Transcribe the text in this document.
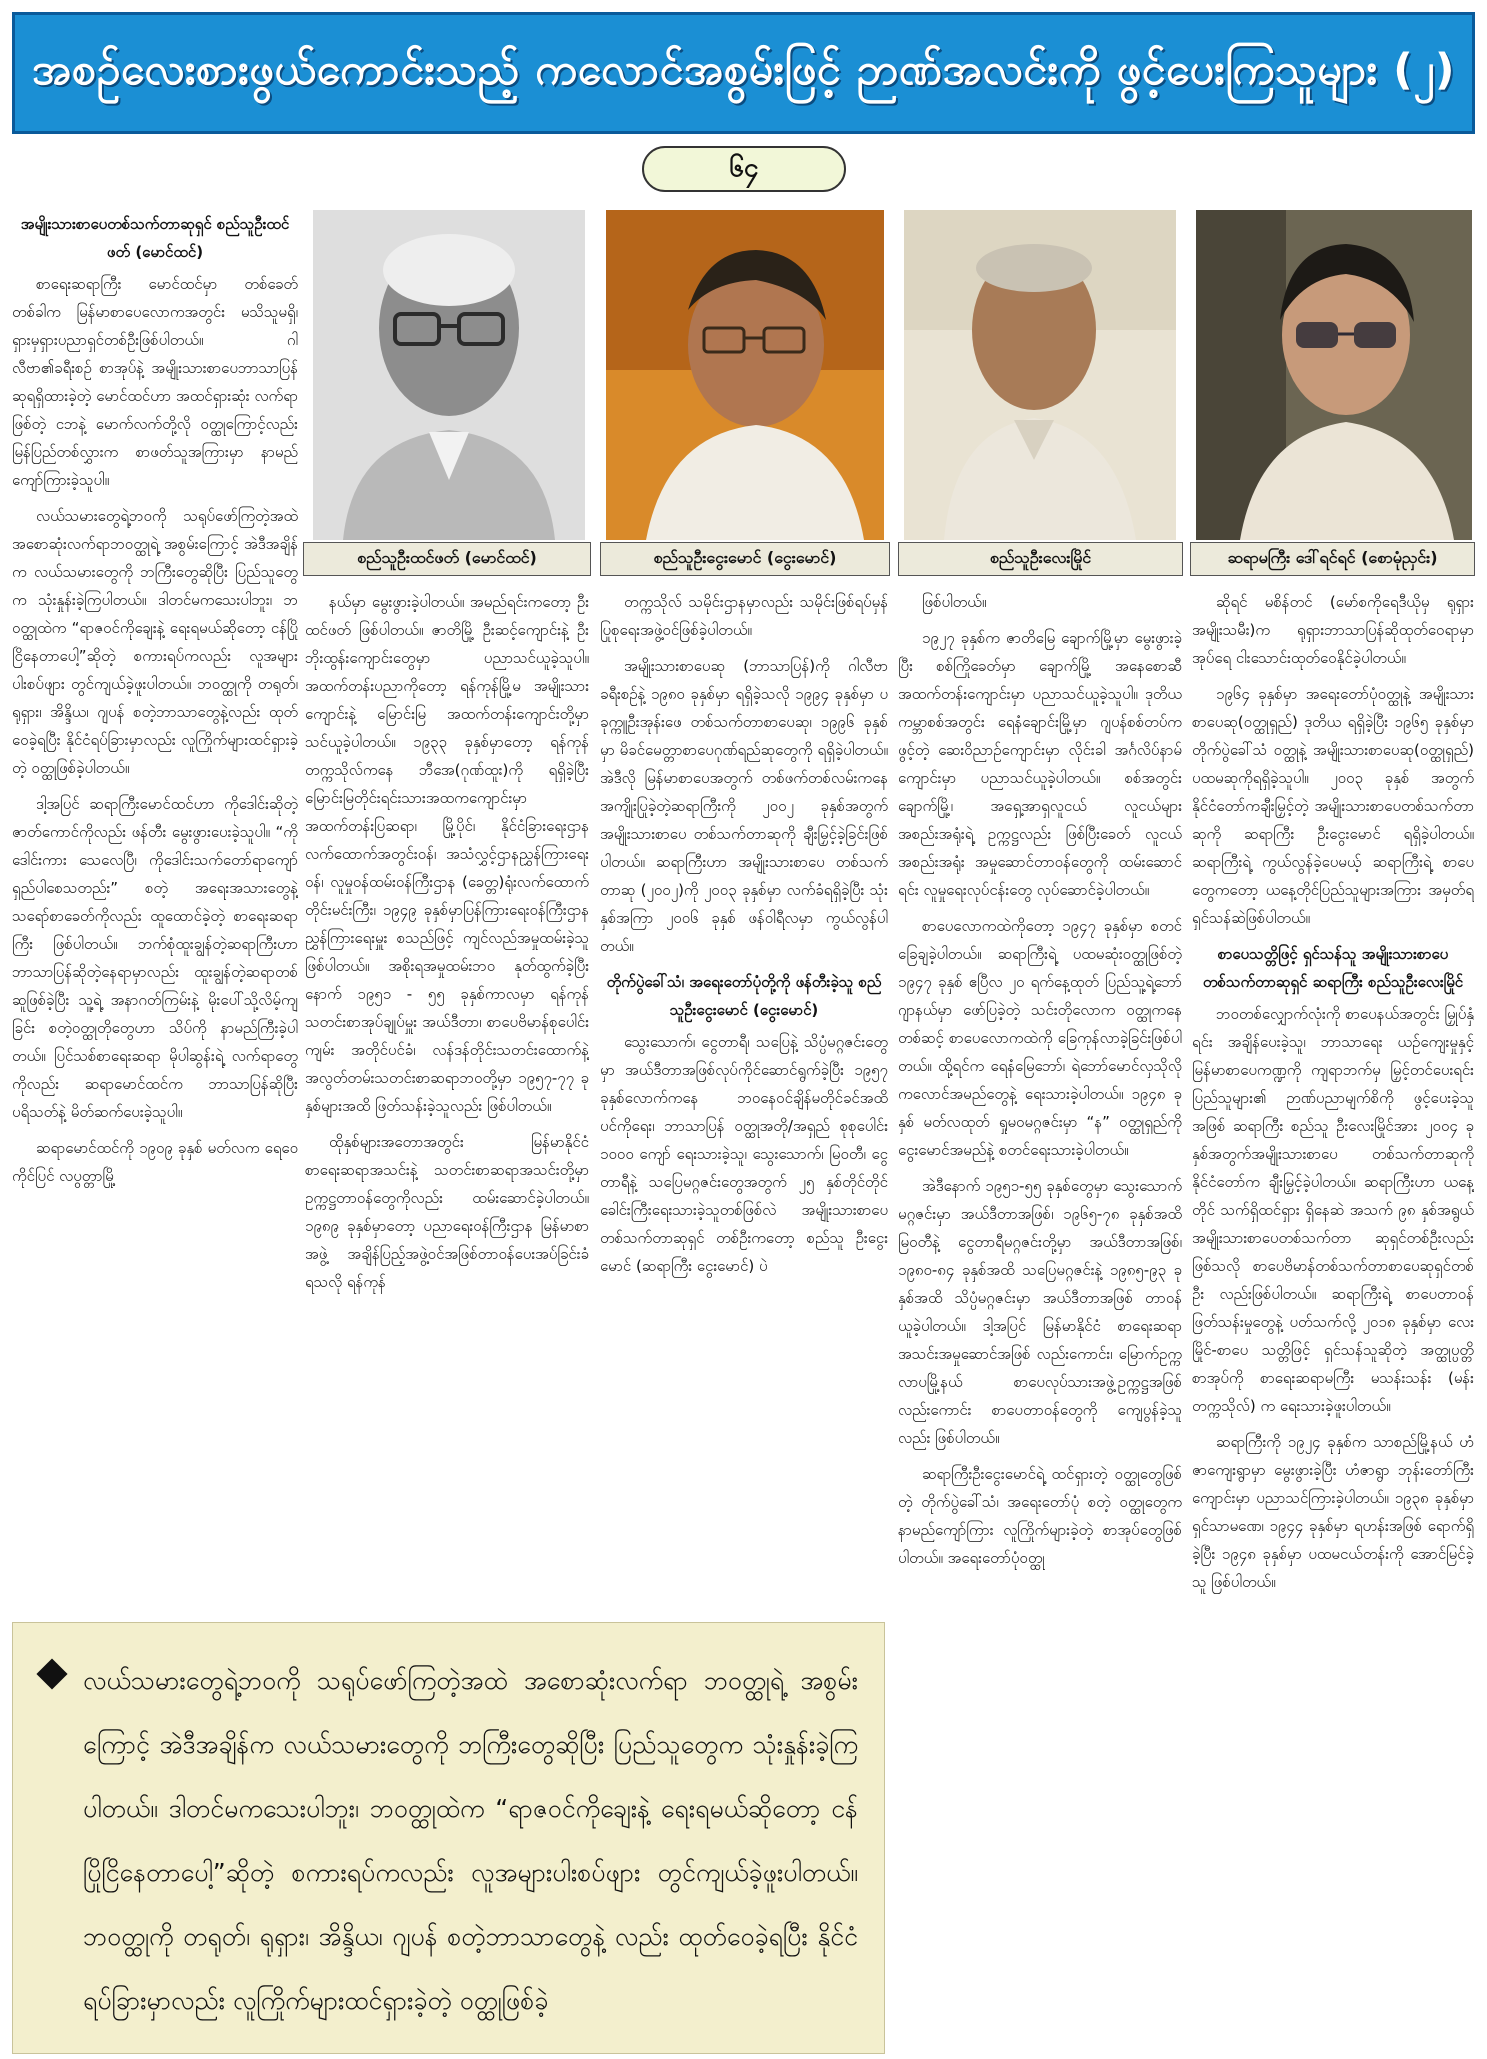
အစဉ်လေးစားဖွယ်ကောင်းသည့် ကလောင်အစွမ်းဖြင့် ဉာဏ်အလင်းကို ဖွင့်ပေးကြသူများ (၂)
၆၄
စည်သူဦးထင်ဖတ် (မောင်ထင်)	စည်သူဦးငွေးမောင် (ငွေးမောင်)	စည်သူဦးလေးမြိုင်	ဆရာမကြီး ဒေါ်ရင်ရင် (စောမုံညှင်း)

အမျိုးသားစာပေတစ်သက်တာဆုရှင် စည်သူဦးထင်ဖတ် (မောင်ထင်)

စာရေးဆရာကြီး မောင်ထင်မှာ တစ်ခေတ်တစ်ခါက မြန်မာစာပေလောကအတွင်း မသိသူမရှိ၊ ရှားမှရှားပညာရှင်တစ်ဦးဖြစ်ပါတယ်။ ဂါလီဗာ၏ခရီးစဉ် စာအုပ်နဲ့ အမျိုးသားစာပေဘာသာပြန်ဆုရရှိထားခဲ့တဲ့ မောင်ထင်ဟာ အထင်ရှားဆုံး လက်ရာဖြစ်တဲ့ ငဘနဲ့ မောက်လက်တို့လို ဝတ္ထုကြောင့်လည်း မြန်ပြည်တစ်လွှားက စာဖတ်သူအကြားမှာ နာမည်ကျော်ကြားခဲ့သူပါ။

လယ်သမားတွေရဲ့ဘဝကို သရုပ်ဖော်ကြတဲ့အထဲ အစောဆုံးလက်ရာဘဝတ္ထုရဲ့ အစွမ်းကြောင့် အဲဒီအချိန်က လယ်သမားတွေကို ဘကြီးတွေဆိုပြီး ပြည်သူတွေက သုံးနှုန်းခဲ့ကြပါတယ်။ ဒါတင်မကသေးပါဘူး၊ ဘဝတ္ထုထဲက “ရာဇဝင်ကိုချေးနဲ့ ရေးရမယ်ဆိုတော့ ငန်ပြိုငြိနေတာပေါ့”ဆိုတဲ့ စကားရပ်ကလည်း လူအများပါးစပ်ဖျား တွင်ကျယ်ခဲ့ဖူးပါတယ်။ ဘဝတ္ထုကို တရုတ်၊ ရုရှား၊ အိန္ဒိယ၊ ဂျပန် စတဲ့ဘာသာတွေနဲ့လည်း ထုတ်ဝေခဲ့ရပြီး နိုင်ငံရပ်ခြားမှာလည်း လူကြိုက်များထင်ရှားခဲ့တဲ့ ဝတ္ထုဖြစ်ခဲ့ပါတယ်။

ဒါ့အပြင် ဆရာကြီးမောင်ထင်ဟာ ကိုဒေါင်းဆိုတဲ့ ဇာတ်ကောင်ကိုလည်း ဖန်တီး မွေးဖွားပေးခဲ့သူပါ။ “ကိုဒေါင်းကား သေလေပြီ၊ ကိုဒေါင်းသက်တော်ရာကျော်ရှည်ပါစေသတည်း” စတဲ့ အရေးအသားတွေနဲ့ သရော်စာခေတ်ကိုလည်း ထူထောင်ခဲ့တဲ့ စာရေးဆရာကြီး ဖြစ်ပါတယ်။ ဘက်စုံထူးချွန်တဲ့ဆရာကြီးဟာ ဘာသာပြန်ဆိုတဲ့နေရာမှာလည်း ထူးချွန်တဲ့ဆရာတစ်ဆူဖြစ်ခဲ့ပြီး သူ့ရဲ့ အနာဂတ်ကြမ်းနဲ့ မိုးပေါ်သို့လိမ့်ကျခြင်း စတဲ့ဝတ္ထုတိုတွေဟာ သိပ်ကို နာမည်ကြီးခဲ့ပါတယ်။ ပြင်သစ်စာရေးဆရာ မိုပါဆွန်းရဲ့ လက်ရာတွေကိုလည်း ဆရာမောင်ထင်က ဘာသာပြန်ဆိုပြီး ပရိသတ်နဲ့ မိတ်ဆက်ပေးခဲ့သူပါ။

ဆရာမောင်ထင်ကို ၁၉၀၉ ခုနှစ် မတ်လက ရေဝေကိုင်ပြင် လပွတ္တာမြို့

နယ်မှာ မွေးဖွားခဲ့ပါတယ်။ အမည်ရင်းကတော့ ဦးထင်ဖတ် ဖြစ်ပါတယ်။ ဇာတိမြို့ ဦးဆင့်ကျောင်းနဲ့ ဦးဘိုးထွန်းကျောင်းတွေမှာ ပညာသင်ယူခဲ့သူပါ။ အထက်တန်းပညာကိုတော့ ရန်ကုန်မြို့မ အမျိုးသားကျောင်းနဲ့ မြောင်းမြ အထက်တန်းကျောင်းတို့မှာ သင်ယူခဲ့ပါတယ်။ ၁၉၃၃ ခုနှစ်မှာတော့ ရန်ကုန်တက္ကသိုလ်ကနေ ဘီအေ(ဂုဏ်ထူး)ကို ရရှိခဲ့ပြီး မြောင်းမြတိုင်းရင်းသားအထကကျောင်းမှာ အထက်တန်းပြဆရာ၊ မြို့ပိုင်၊ နိုင်ငံခြားရေးဌာနလက်ထောက်အတွင်းဝန်၊ အသံလွှင့်ဌာနညွှန်ကြားရေးဝန်၊ လူမှုဝန်ထမ်းဝန်ကြီးဌာန (ခေတ္တ)ရုံးလက်ထောက်တိုင်းမင်းကြီး၊ ၁၉၄၉ ခုနှစ်မှာပြန်ကြားရေးဝန်ကြီးဌာန ညွှန်ကြားရေးမှူး စသည်ဖြင့် ကျင်လည်အမှုထမ်းခဲ့သူဖြစ်ပါတယ်။ အစိုးရအမှုထမ်းဘဝ နုတ်ထွက်ခဲ့ပြီးနောက် ၁၉၅၁ - ၅၅ ခုနှစ်ကာလမှာ ရန်ကုန်သတင်းစာအုပ်ချုပ်မှူး အယ်ဒီတာ၊ စာပေဗိမာန်စုပေါင်းကျမ်း အတိုင်ပင်ခံ၊ လန်ဒန်တိုင်းသတင်းထောက်နဲ့ အလွတ်တမ်းသတင်းစာဆရာဘဝတို့မှာ ၁၉၅၇-၇၇ ခုနှစ်များအထိ ဖြတ်သန်းခဲ့သူလည်း ဖြစ်ပါတယ်။

ထိုနှစ်များအတောအတွင်း မြန်မာနိုင်ငံ စာရေးဆရာအသင်းနဲ့ သတင်းစာဆရာအသင်းတို့မှာ ဥက္ကဋ္ဌတာဝန်တွေကိုလည်း ထမ်းဆောင်ခဲ့ပါတယ်။ ၁၉၈၉ ခုနှစ်မှာတော့ ပညာရေးဝန်ကြီးဌာန မြန်မာစာအဖွဲ့ အချိန်ပြည့်အဖွဲ့ဝင်အဖြစ်တာဝန်ပေးအပ်ခြင်းခံရသလို ရန်ကုန်

တက္ကသိုလ် သမိုင်းဌာနမှာလည်း သမိုင်းဖြစ်ရပ်မှန် ပြုစုရေးအဖွဲ့ဝင်ဖြစ်ခဲ့ပါတယ်။

အမျိုးသားစာပေဆု (ဘာသာပြန်)ကို ဂါလီဗာခရီးစဉ်နဲ့ ၁၉၈၀ ခုနှစ်မှာ ရရှိခဲ့သလို ၁၉၉၄ ခုနှစ်မှာ ပခုက္ကူဦးအုန်းဖေ တစ်သက်တာစာပေဆု၊ ၁၉၉၆ ခုနှစ်မှာ မိခင်မေတ္တာစာပေဂုဏ်ရည်ဆုတွေကို ရရှိခဲ့ပါတယ်။ အဲဒီလို မြန်မာစာပေအတွက် တစ်ဖက်တစ်လမ်းကနေ အကျိုးပြုခဲ့တဲ့ဆရာကြီးကို ၂၀၀၂ ခုနှစ်အတွက် အမျိုးသားစာပေ တစ်သက်တာဆုကို ချီးမြှင့်ခဲ့ခြင်းဖြစ်ပါတယ်။ ဆရာကြီးဟာ အမျိုးသားစာပေ တစ်သက်တာဆု (၂၀၀၂)ကို ၂၀၀၃ ခုနှစ်မှာ လက်ခံရရှိခဲ့ပြီး သုံးနှစ်အကြာ ၂၀၀၆ ခုနှစ် ဖန်ဝါရီလမှာ ကွယ်လွန်ပါတယ်။

တိုက်ပွဲခေါ်သံ၊ အရေးတော်ပုံတို့ကို ဖန်တီးခဲ့သူ စည်သူဦးငွေးမောင် (ငွေးမောင်)

သွေးသောက်၊ ငွေတာရီ၊ သပြေနဲ့ သိပ္ပံမဂ္ဂဇင်းတွေမှာ အယ်ဒီတာအဖြစ်လုပ်ကိုင်ဆောင်ရွက်ခဲ့ပြီး ၁၉၅၇ ခုနှစ်လောက်ကနေ ဘဝနေဝင်ချိန်မတိုင်ခင်အထိ ပင်ကိုရေး၊ ဘာသာပြန် ဝတ္ထုအတို/အရှည် စုစုပေါင်း ၁၀၀၀ ကျော် ရေးသားခဲ့သူ၊ သွေးသောက်၊ မြဝတီ၊ ငွေတာရီနဲ့ သပြေမဂ္ဂဇင်းတွေအတွက် ၂၅ နှစ်တိုင်တိုင် ခေါင်းကြီးရေးသားခဲ့သူတစ်ဖြစ်လဲ အမျိုးသားစာပေ တစ်သက်တာဆုရှင် တစ်ဦးကတော့ စည်သူ ဦးငွေးမောင် (ဆရာကြီး ငွေးမောင်) ပဲ

ဖြစ်ပါတယ်။

၁၉၂၇ ခုနှစ်က ဇာတိမြေ ချောက်မြို့မှာ မွေးဖွားခဲ့ပြီး စစ်ကြိုခေတ်မှာ ချောက်မြို့ အနေစောဆီအထက်တန်းကျောင်းမှာ ပညာသင်ယူခဲ့သူပါ။ ဒုတိယကမ္ဘာစစ်အတွင်း ရေနံချောင်းမြို့မှာ ဂျပန်စစ်တပ်ကဖွင့်တဲ့ ဆေးဝိညာဉ်ကျောင်းမှာ လိုင်းခါ အင်္ဂလိပ်နာမ်ကျောင်းမှာ ပညာသင်ယူခဲ့ပါတယ်။ စစ်အတွင်း ချောက်မြို့၊ အရှေ့အာရှလူငယ် လူငယ်များအစည်းအရုံးရဲ့ ဥက္ကဋ္ဌလည်း ဖြစ်ပြီးခေတ် လူငယ်အစည်းအရုံး အမှုဆောင်တာဝန်တွေကို ထမ်းဆောင်ရင်း လူမှုရေးလုပ်ငန်းတွေ လုပ်ဆောင်ခဲ့ပါတယ်။

စာပေလောကထဲကိုတော့ ၁၉၄၇ ခုနှစ်မှာ စတင်ခြေချခဲ့ပါတယ်။ ဆရာကြီးရဲ့ ပထမဆုံးဝတ္ထုဖြစ်တဲ့ ၁၉၄၇ ခုနှစ် ဧပြီလ ၂၀ ရက်နေ့ထုတ် ပြည်သူ့ရဲ့ဘော်ဂျာနယ်မှာ ဖော်ပြခဲ့တဲ့ သင်းတိုလောက ဝတ္ထုကနေတစ်ဆင့် စာပေလောကထဲကို ခြေကုန်လာခဲ့ခြင်းဖြစ်ပါတယ်။ ထို့ရင်က ရေနံမြေဘော်၊ ရဲဘော်မောင်လှသိုလို ကလောင်အမည်တွေနဲ့ ရေးသားခဲ့ပါတယ်။ ၁၉၄၈ ခုနှစ် မတ်လထုတ် ရှုမဝမဂ္ဂဇင်းမှာ “န” ဝတ္ထုရှည်ကို ငွေးမောင်အမည်နဲ့ စတင်ရေးသားခဲ့ပါတယ်။

အဲဒီနောက် ၁၉၅၁-၅၅ ခုနှစ်တွေမှာ သွေးသောက်မဂ္ဂဇင်းမှာ အယ်ဒီတာအဖြစ်၊ ၁၉၆၅-၇၈ ခုနှစ်အထိ မြဝတီနဲ့ ငွေတာရီမဂ္ဂဇင်းတို့မှာ အယ်ဒီတာအဖြစ်၊ ၁၉၈၀-၈၄ ခုနှစ်အထိ သပြေမဂ္ဂဇင်းနဲ့ ၁၉၈၅-၉၃ ခုနှစ်အထိ သိပ္ပံမဂ္ဂဇင်းမှာ အယ်ဒီတာအဖြစ် တာဝန်ယူခဲ့ပါတယ်။ ဒါ့အပြင် မြန်မာနိုင်ငံ စာရေးဆရာအသင်းအမှုဆောင်အဖြစ် လည်းကောင်း၊ မြောက်ဥက္ကလာပမြို့နယ် စာပေလုပ်သားအဖွဲ့ဥက္ကဋ္ဌအဖြစ်လည်းကောင်း စာပေတာဝန်တွေကို ကျေပွန်ခဲ့သူလည်း ဖြစ်ပါတယ်။

ဆရာကြီးဦးငွေးမောင်ရဲ့ ထင်ရှားတဲ့ ဝတ္ထုတွေဖြစ်တဲ့ တိုက်ပွဲခေါ်သံ၊ အရေးတော်ပုံ စတဲ့ ဝတ္ထုတွေက နာမည်ကျော်ကြား လူကြိုက်များခဲ့တဲ့ စာအုပ်တွေဖြစ်ပါတယ်။ အရေးတော်ပုံဝတ္ထု

ဆိုရင် မစိန်တင် (မော်စကိုရေဒီယိုမှ ရုရှားအမျိုးသမီး)က ရုရှားဘာသာပြန်ဆိုထုတ်ဝေရာမှာ အုပ်ရေ ငါးသောင်းထုတ်ဝေနိုင်ခဲ့ပါတယ်။

၁၉၆၄ ခုနှစ်မှာ အရေးတော်ပုံဝတ္ထုနဲ့ အမျိုးသားစာပေဆု(ဝတ္ထုရှည်) ဒုတိယ ရရှိခဲ့ပြီး ၁၉၆၅ ခုနှစ်မှာ တိုက်ပွဲခေါ်သံ ဝတ္ထုနဲ့ အမျိုးသားစာပေဆု(ဝတ္ထုရှည်) ပထမဆုကိုရရှိခဲ့သူပါ။ ၂၀၀၃ ခုနှစ် အတွက် နိုင်ငံတော်ကချီးမြှင့်တဲ့ အမျိုးသားစာပေတစ်သက်တာဆုကို ဆရာကြီး ဦးငွေးမောင် ရရှိခဲ့ပါတယ်။ ဆရာကြီးရဲ့ ကွယ်လွန်ခဲ့ပေမယ့် ဆရာကြီးရဲ့ စာပေတွေကတော့ ယနေ့တိုင်ပြည်သူများအကြား အမှတ်ရ ရှင်သန်ဆဲဖြစ်ပါတယ်။

စာပေသတ္တိဖြင့် ရှင်သန်သူ အမျိုးသားစာပေတစ်သက်တာဆုရှင် ဆရာကြီး စည်သူဦးလေးမြိုင်

ဘဝတစ်လျှောက်လုံးကို စာပေနယ်အတွင်း မြှုပ်နှံရင်း အချိန်ပေးခဲ့သူ၊ ဘာသာရေး ယဉ်ကျေးမှုနှင့် မြန်မာစာပေကဏ္ဍကို ကျရာဘက်မှ မြှင့်တင်ပေးရင်း ပြည်သူများ၏ ဉာဏ်ပညာမျက်စိကို ဖွင့်ပေးခဲ့သူအဖြစ် ဆရာကြီး စည်သူ ဦးလေးမြိုင်အား ၂၀၀၄ ခုနှစ်အတွက်အမျိုးသားစာပေ တစ်သက်တာဆုကို နိုင်ငံတော်က ချီးမြှင့်ခဲ့ပါတယ်။ ဆရာကြီးဟာ ယနေ့တိုင် သက်ရှိထင်ရှား ရှိနေဆဲ အသက် ၉၈ နှစ်အရွယ် အမျိုးသားစာပေတစ်သက်တာ ဆုရှင်တစ်ဦးလည်းဖြစ်သလို စာပေဗိမာန်တစ်သက်တာစာပေဆုရှင်တစ်ဦး လည်းဖြစ်ပါတယ်။ ဆရာကြီးရဲ့ စာပေတာဝန်ဖြတ်သန်းမှုတွေနဲ့ ပတ်သက်လို့ ၂၀၁၈ ခုနှစ်မှာ လေးမြိုင်-စာပေ သတ္တိဖြင့် ရှင်သန်သူဆိုတဲ့ အတ္ထုပ္ပတ္တိစာအုပ်ကို စာရေးဆရာမကြီး မသန်းသန်း (မန်း တက္ကသိုလ်) က ရေးသားခဲ့ဖူးပါတယ်။

ဆရာကြီးကို ၁၉၂၄ ခုနှစ်က သာစည်မြို့နယ် ဟံဇာကျေးရွာမှာ မွေးဖွားခဲ့ပြီး ဟံဇာရွာ ဘုန်းတော်ကြီးကျောင်းမှာ ပညာသင်ကြားခဲ့ပါတယ်။ ၁၉၃၈ ခုနှစ်မှာ ရှင်သာမဏေ၊ ၁၉၄၄ ခုနှစ်မှာ ရဟန်းအဖြစ် ရောက်ရှိခဲ့ပြီး ၁၉၄၈ ခုနှစ်မှာ ပထမငယ်တန်းကို အောင်မြင်ခဲ့သူ ဖြစ်ပါတယ်။

လယ်သမားတွေရဲ့ဘဝကို သရုပ်ဖော်ကြတဲ့အထဲ အစောဆုံးလက်ရာ ဘဝတ္ထုရဲ့ အစွမ်းကြောင့် အဲဒီအချိန်က လယ်သမားတွေကို ဘကြီးတွေဆိုပြီး ပြည်သူတွေက သုံးနှုန်းခဲ့ကြပါတယ်။ ဒါတင်မကသေးပါဘူး၊ ဘဝတ္ထုထဲက “ရာဇဝင်ကိုချေးနဲ့ ရေးရမယ်ဆိုတော့ ငန်ပြိုငြိနေတာပေါ့”ဆိုတဲ့ စကားရပ်ကလည်း လူအများပါးစပ်ဖျား တွင်ကျယ်ခဲ့ဖူးပါတယ်။ ဘဝတ္ထုကို တရုတ်၊ ရုရှား၊ အိန္ဒိယ၊ ဂျပန် စတဲ့ဘာသာတွေနဲ့ လည်း ထုတ်ဝေခဲ့ရပြီး နိုင်ငံရပ်ခြားမှာလည်း လူကြိုက်များထင်ရှားခဲ့တဲ့ ဝတ္ထုဖြစ်ခဲ့
